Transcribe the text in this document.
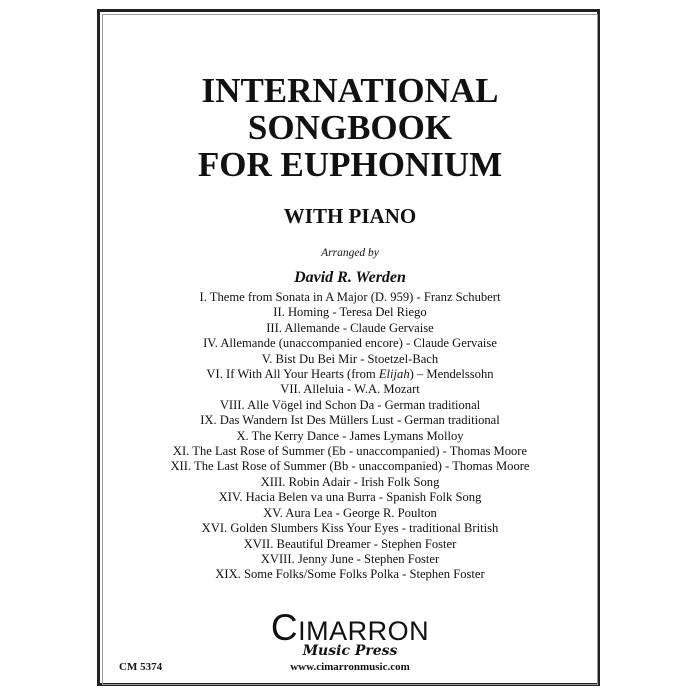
INTERNATIONAL
SONGBOOK
FOR EUPHONIUM
WITH PIANO
Arranged by
David R. Werden
I. Theme from Sonata in A Major (D. 959) - Franz Schubert
II. Homing - Teresa Del Riego
III. Allemande - Claude Gervaise
IV. Allemande (unaccompanied encore) - Claude Gervaise
V. Bist Du Bei Mir - Stoetzel-Bach
VI. If With All Your Hearts (from Elijah) – Mendelssohn
VII. Alleluia - W.A. Mozart
VIII. Alle Vögel ind Schon Da - German traditional
IX. Das Wandern Ist Des Müllers Lust - German traditional
X. The Kerry Dance - James Lymans Molloy
XI. The Last Rose of Summer (Eb - unaccompanied) - Thomas Moore
XII. The Last Rose of Summer (Bb - unaccompanied) - Thomas Moore
XIII. Robin Adair - Irish Folk Song
XIV. Hacia Belen va una Burra - Spanish Folk Song
XV. Aura Lea - George R. Poulton
XVI. Golden Slumbers Kiss Your Eyes - traditional British
XVII. Beautiful Dreamer - Stephen Foster
XVIII. Jenny June - Stephen Foster
XIX. Some Folks/Some Folks Polka - Stephen Foster
CIMARRON
Music Press
www.cimarronmusic.com
CM 5374
